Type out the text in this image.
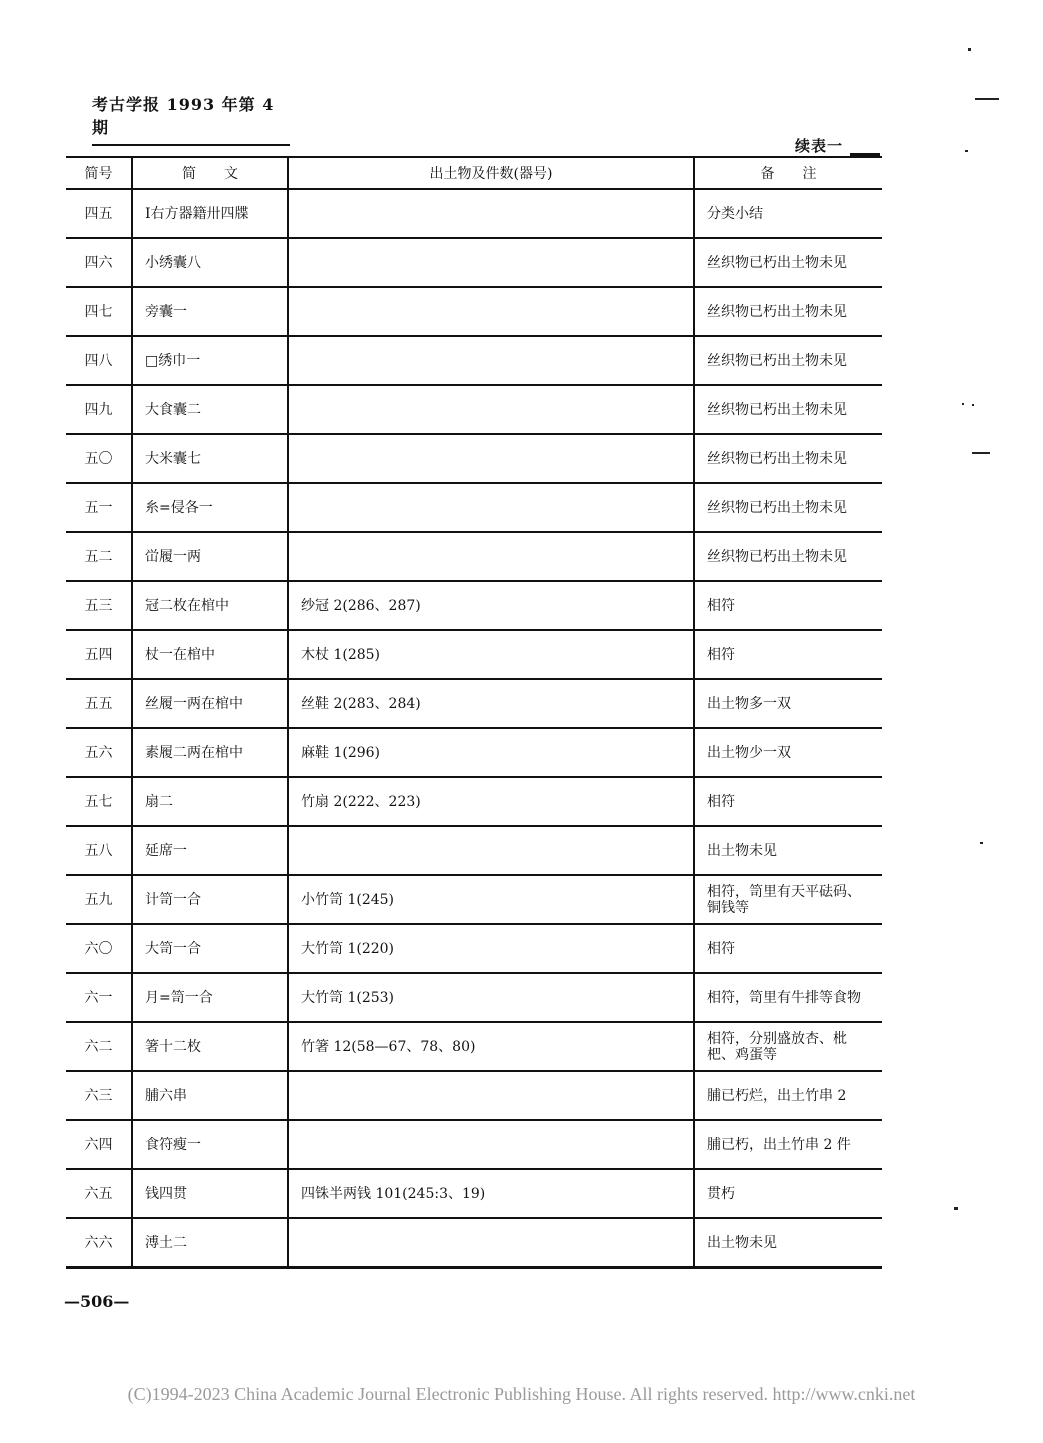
考古学报 1993 年第 4 期
续表一
简号	简　　文	出土物及件数(器号)	备　　注
四五	Ⅰ右方器籍卅四牒		分类小结
四六	小绣囊八		丝织物已朽出土物未见
四七	旁囊一		丝织物已朽出土物未见
四八	□绣巾一		丝织物已朽出土物未见
四九	大食囊二		丝织物已朽出土物未见
五〇	大米囊七		丝织物已朽出土物未见
五一	糸=侵各一		丝织物已朽出土物未见
五二	峃履一两		丝织物已朽出土物未见
五三	冠二枚在棺中	纱冠 2(286、287)	相符
五四	杖一在棺中	木杖 1(285)	相符
五五	丝履一两在棺中	丝鞋 2(283、284)	出土物多一双
五六	素履二两在棺中	麻鞋 1(296)	出土物少一双
五七	扇二	竹扇 2(222、223)	相符
五八	延席一		出土物未见
五九	计笥一合	小竹笥 1(245)	相符，笥里有天平砝码、铜钱等
六〇	大笥一合	大竹笥 1(220)	相符
六一	月=笥一合	大竹笥 1(253)	相符，笥里有牛排等食物
六二	箸十二枚	竹箸 12(58—67、78、80)	相符，分别盛放杏、枇杷、鸡蛋等
六三	脯六串		脯已朽烂，出土竹串 2
六四	食符瘦一		脯已朽，出土竹串 2 件
六五	钱四贯	四铢半两钱 101(245:3、19)	贯朽
六六	溥土二		出土物未见
—506—
(C)1994-2023 China Academic Journal Electronic Publishing House. All rights reserved. http://www.cnki.net
